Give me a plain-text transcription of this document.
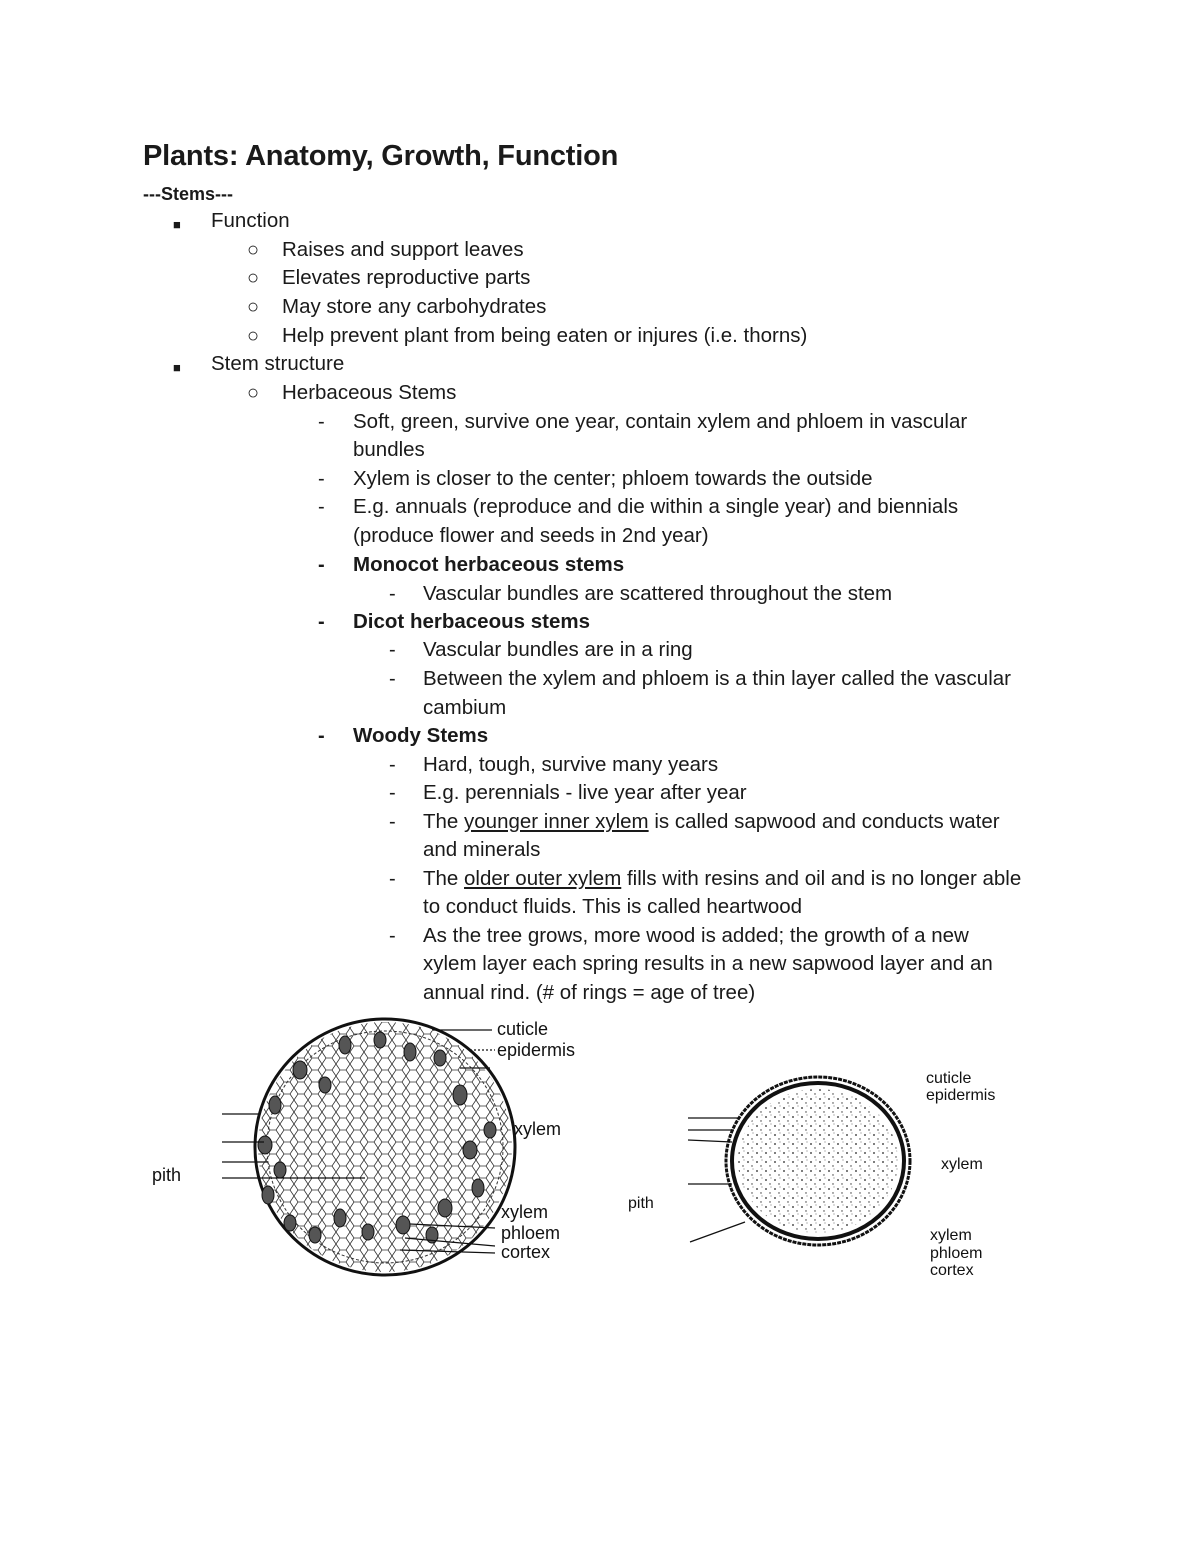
Plants: Anatomy, Growth, Function
---Stems---
■ Function
○ Raises and support leaves
○ Elevates reproductive parts
○ May store any carbohydrates
○ Help prevent plant from being eaten or injures (i.e. thorns)
■ Stem structure
○ Herbaceous Stems
- Soft, green, survive one year, contain xylem and phloem in vascular
bundles
- Xylem is closer to the center; phloem towards the outside
- E.g. annuals (reproduce and die within a single year) and biennials
(produce flower and seeds in 2nd year)
- Monocot herbaceous stems
- Vascular bundles are scattered throughout the stem
- Dicot herbaceous stems
- Vascular bundles are in a ring
- Between the xylem and phloem is a thin layer called the vascular
cambium
- Woody Stems
- Hard, tough, survive many years
- E.g. perennials - live year after year
- The younger inner xylem is called sapwood and conducts water
and minerals
- The older outer xylem fills with resins and oil and is no longer able
to conduct fluids. This is called heartwood
- As the tree grows, more wood is added; the growth of a new
xylem layer each spring results in a new sapwood layer and an
annual rind. (# of rings = age of tree)
cuticle
epidermis
xylem
pith
xylem
phloem
cortex
cuticle
epidermis
xylem
pith
xylem
phloem
cortex
